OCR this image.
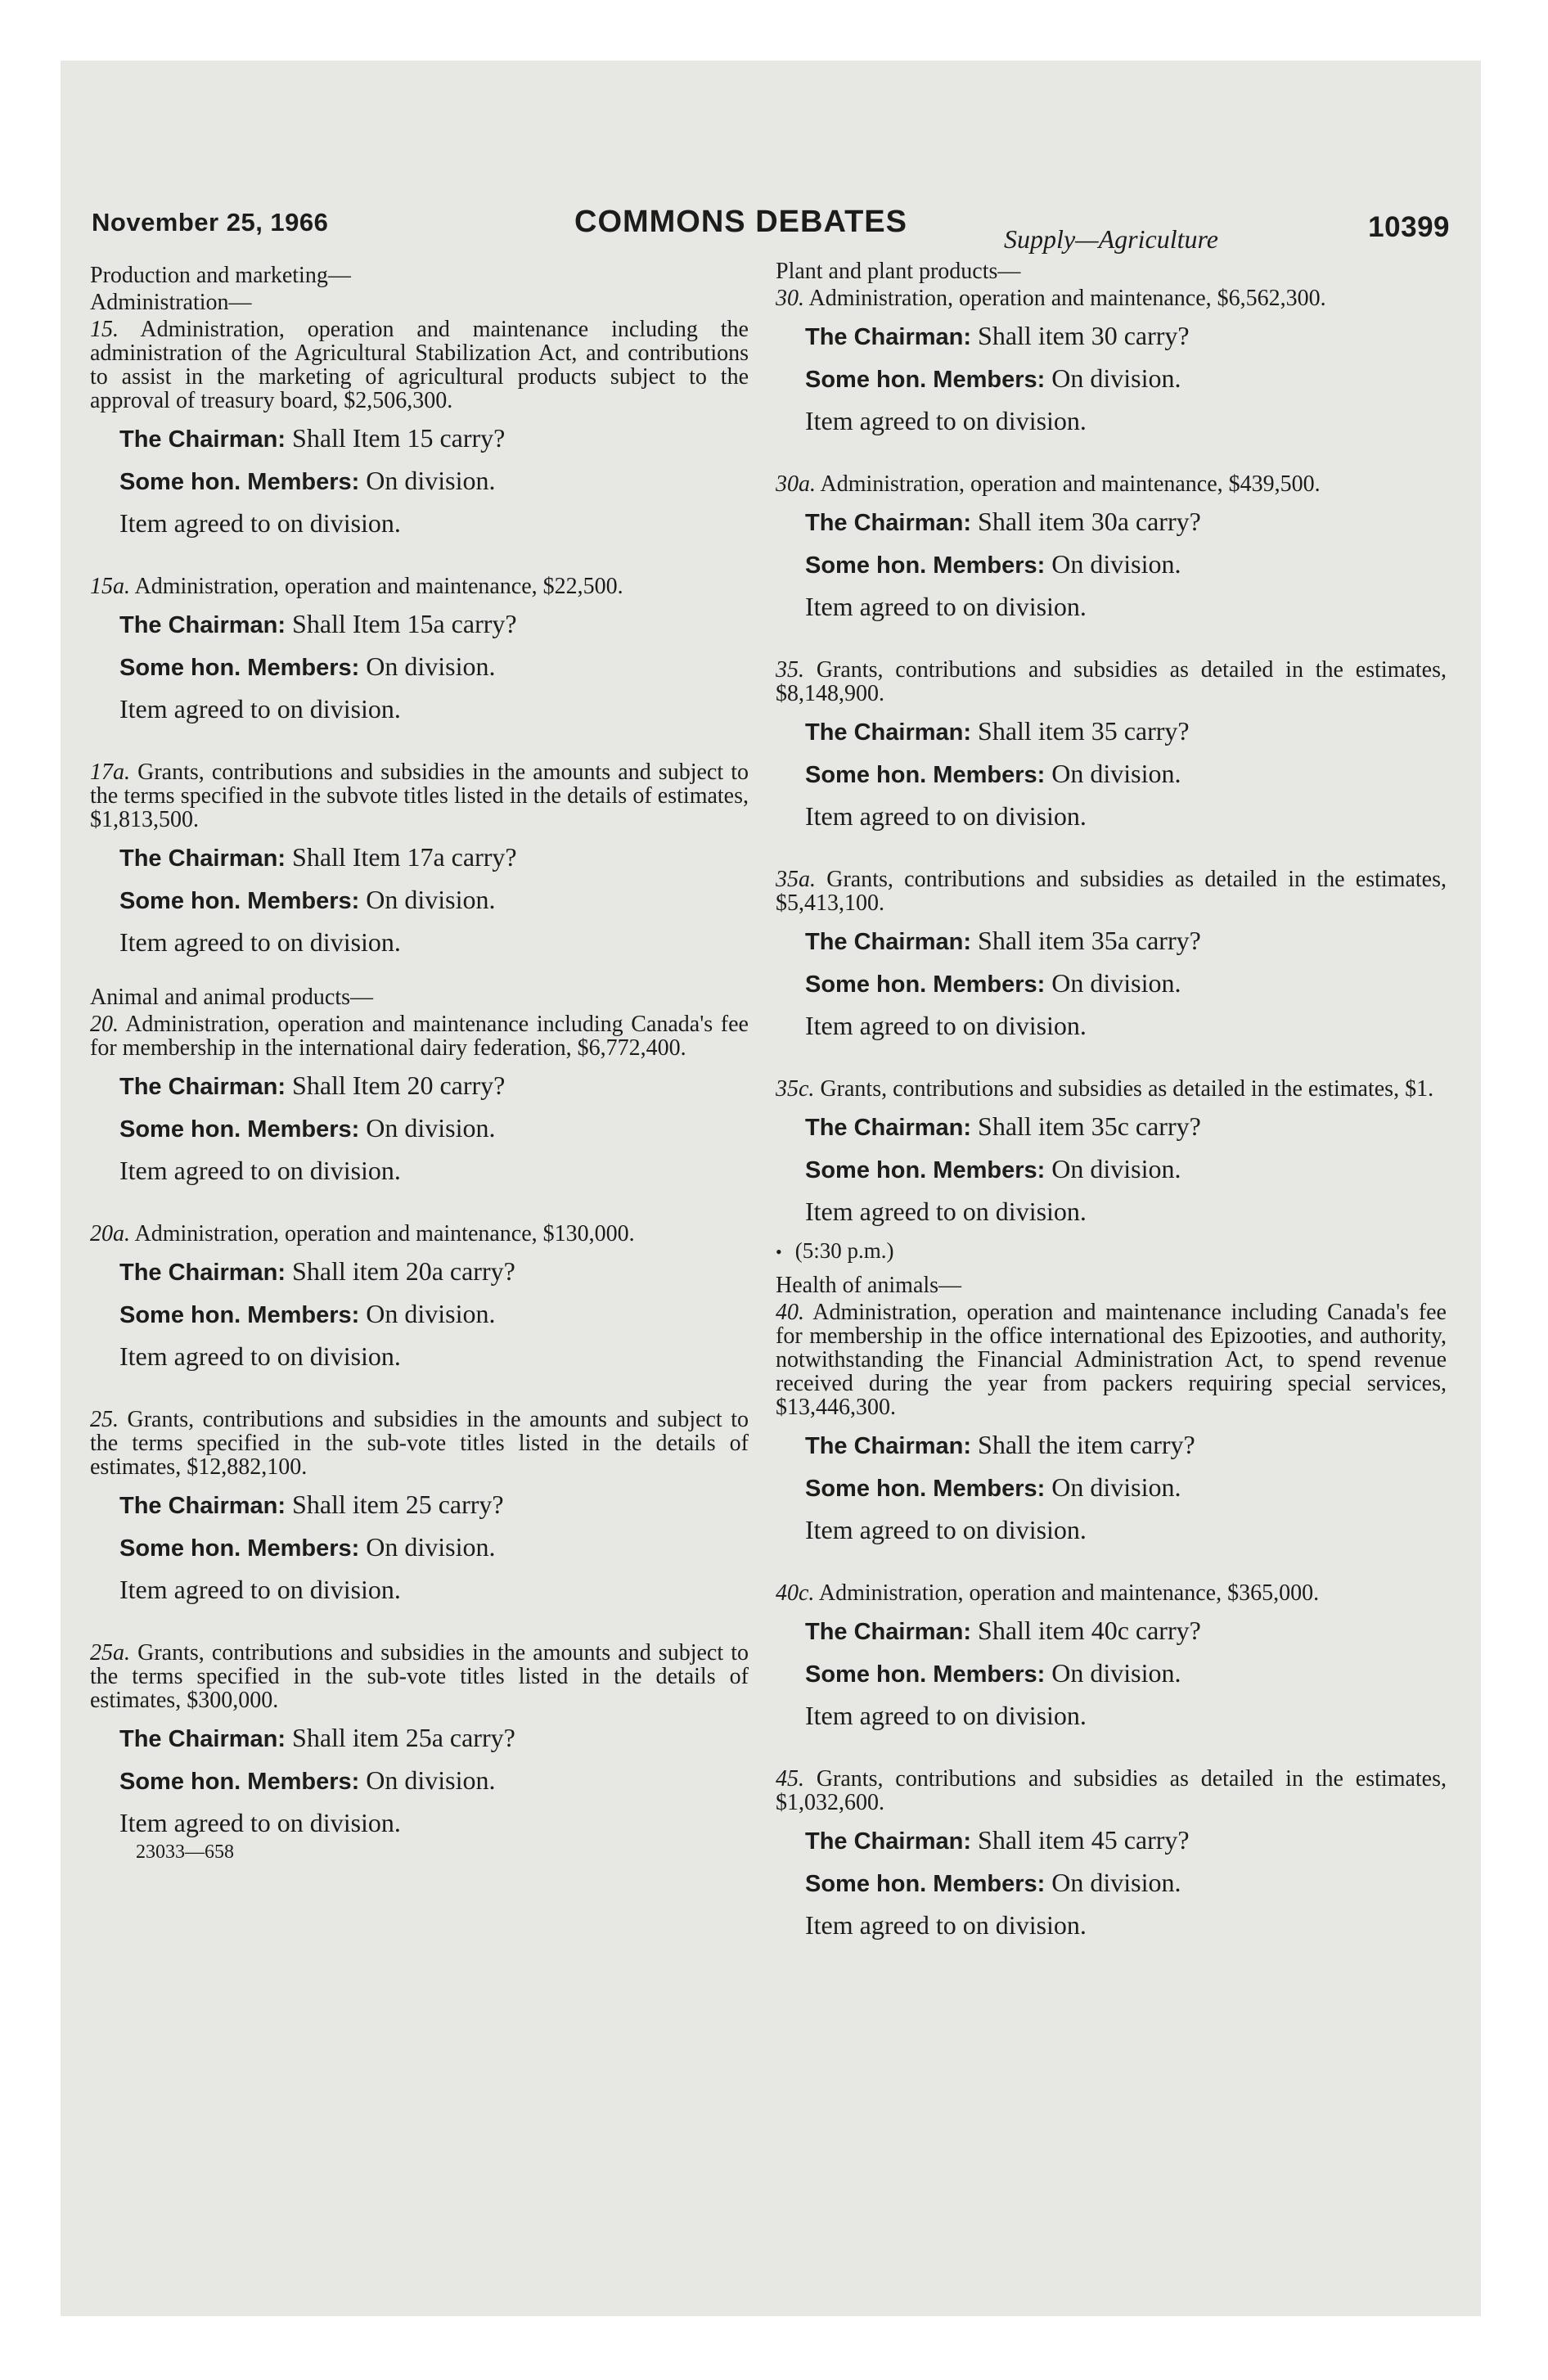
November 25, 1966	COMMONS DEBATES	10399

Production and marketing—

Administration—

15. Administration, operation and maintenance including the administration of the Agricultural Stabilization Act, and contributions to assist in the marketing of agricultural products subject to the approval of treasury board, $2,506,300.

The Chairman: Shall Item 15 carry?

Some hon. Members: On division.

Item agreed to on division.

15a. Administration, operation and maintenance, $22,500.

The Chairman: Shall Item 15a carry?

Some hon. Members: On division.

Item agreed to on division.

17a. Grants, contributions and subsidies in the amounts and subject to the terms specified in the subvote titles listed in the details of estimates, $1,813,500.

The Chairman: Shall Item 17a carry?

Some hon. Members: On division.

Item agreed to on division.

Animal and animal products—

20. Administration, operation and maintenance including Canada's fee for membership in the international dairy federation, $6,772,400.

The Chairman: Shall Item 20 carry?

Some hon. Members: On division.

Item agreed to on division.

20a. Administration, operation and maintenance, $130,000.

The Chairman: Shall item 20a carry?

Some hon. Members: On division.

Item agreed to on division.

25. Grants, contributions and subsidies in the amounts and subject to the terms specified in the sub-vote titles listed in the details of estimates, $12,882,100.

The Chairman: Shall item 25 carry?

Some hon. Members: On division.

Item agreed to on division.

25a. Grants, contributions and subsidies in the amounts and subject to the terms specified in the sub-vote titles listed in the details of estimates, $300,000.

The Chairman: Shall item 25a carry?

Some hon. Members: On division.

Item agreed to on division.

23033—658

Supply—Agriculture

Plant and plant products—

30. Administration, operation and maintenance, $6,562,300.

The Chairman: Shall item 30 carry?

Some hon. Members: On division.

Item agreed to on division.

30a. Administration, operation and maintenance, $439,500.

The Chairman: Shall item 30a carry?

Some hon. Members: On division.

Item agreed to on division.

35. Grants, contributions and subsidies as detailed in the estimates, $8,148,900.

The Chairman: Shall item 35 carry?

Some hon. Members: On division.

Item agreed to on division.

35a. Grants, contributions and subsidies as detailed in the estimates, $5,413,100.

The Chairman: Shall item 35a carry?

Some hon. Members: On division.

Item agreed to on division.

35c. Grants, contributions and subsidies as detailed in the estimates, $1.

The Chairman: Shall item 35c carry?

Some hon. Members: On division.

Item agreed to on division.

• (5:30 p.m.)

Health of animals—

40. Administration, operation and maintenance including Canada's fee for membership in the office international des Epizooties, and authority, notwithstanding the Financial Administration Act, to spend revenue received during the year from packers requiring special services, $13,446,300.

The Chairman: Shall the item carry?

Some hon. Members: On division.

Item agreed to on division.

40c. Administration, operation and maintenance, $365,000.

The Chairman: Shall item 40c carry?

Some hon. Members: On division.

Item agreed to on division.

45. Grants, contributions and subsidies as detailed in the estimates, $1,032,600.

The Chairman: Shall item 45 carry?

Some hon. Members: On division.

Item agreed to on division.
